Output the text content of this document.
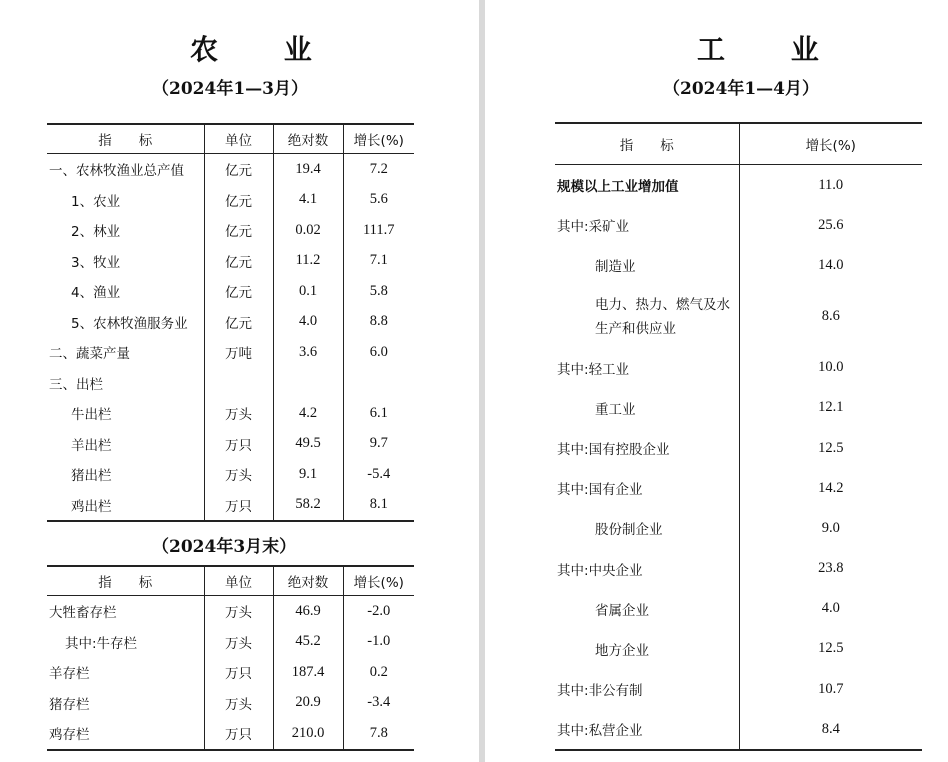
农 业
（2024年1—3月）
指　　标	单位	绝对数	增长(%)
一、农林牧渔业总产值	亿元	19.4	7.2
1、农业	亿元	4.1	5.6
2、林业	亿元	0.02	111.7
3、牧业	亿元	11.2	7.1
4、渔业	亿元	0.1	5.8
5、农林牧渔服务业	亿元	4.0	8.8
二、蔬菜产量	万吨	3.6	6.0
三、出栏			
牛出栏	万头	4.2	6.1
羊出栏	万只	49.5	9.7
猪出栏	万头	9.1	-5.4
鸡出栏	万只	58.2	8.1
（2024年3月末）
指　　标	单位	绝对数	增长(%)
大牲畜存栏	万头	46.9	-2.0
其中:牛存栏	万头	45.2	-1.0
羊存栏	万只	187.4	0.2
猪存栏	万头	20.9	-3.4
鸡存栏	万只	210.0	7.8
工 业
（2024年1—4月）
指　　标	增长(%)
规模以上工业增加值	11.0
其中:采矿业	25.6
制造业	14.0

电力、热力、燃气及水
生产和供应业	8.6
其中:轻工业	10.0
重工业	12.1
其中:国有控股企业	12.5
其中:国有企业	14.2
股份制企业	9.0
其中:中央企业	23.8
省属企业	4.0
地方企业	12.5
其中:非公有制	10.7
其中:私营企业	8.4
